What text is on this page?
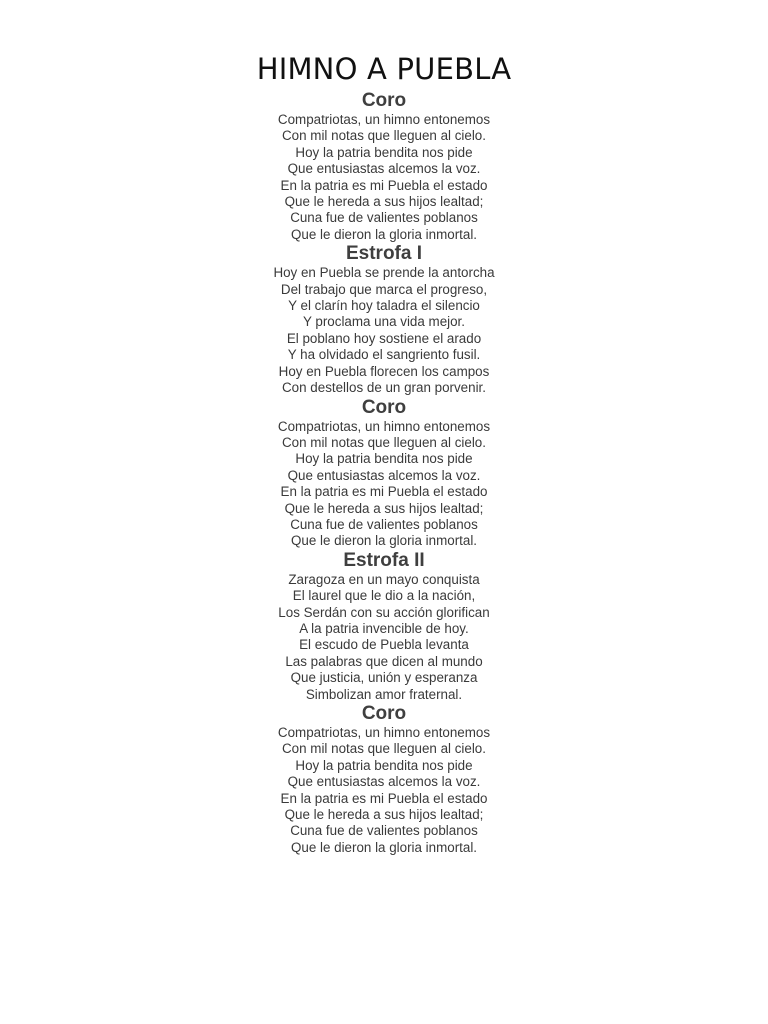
HIMNO A PUEBLA
Coro
Compatriotas, un himno entonemos
Con mil notas que lleguen al cielo.
Hoy la patria bendita nos pide
Que entusiastas alcemos la voz.
En la patria es mi Puebla el estado
Que le hereda a sus hijos lealtad;
Cuna fue de valientes poblanos
Que le dieron la gloria inmortal.
Estrofa I
Hoy en Puebla se prende la antorcha
Del trabajo que marca el progreso,
Y el clarín hoy taladra el silencio
Y proclama una vida mejor.
El poblano hoy sostiene el arado
Y ha olvidado el sangriento fusil.
Hoy en Puebla florecen los campos
Con destellos de un gran porvenir.
Coro
Compatriotas, un himno entonemos
Con mil notas que lleguen al cielo.
Hoy la patria bendita nos pide
Que entusiastas alcemos la voz.
En la patria es mi Puebla el estado
Que le hereda a sus hijos lealtad;
Cuna fue de valientes poblanos
Que le dieron la gloria inmortal.
Estrofa II
Zaragoza en un mayo conquista
El laurel que le dio a la nación,
Los Serdán con su acción glorifican
A la patria invencible de hoy.
El escudo de Puebla levanta
Las palabras que dicen al mundo
Que justicia, unión y esperanza
Simbolizan amor fraternal.
Coro
Compatriotas, un himno entonemos
Con mil notas que lleguen al cielo.
Hoy la patria bendita nos pide
Que entusiastas alcemos la voz.
En la patria es mi Puebla el estado
Que le hereda a sus hijos lealtad;
Cuna fue de valientes poblanos
Que le dieron la gloria inmortal.
